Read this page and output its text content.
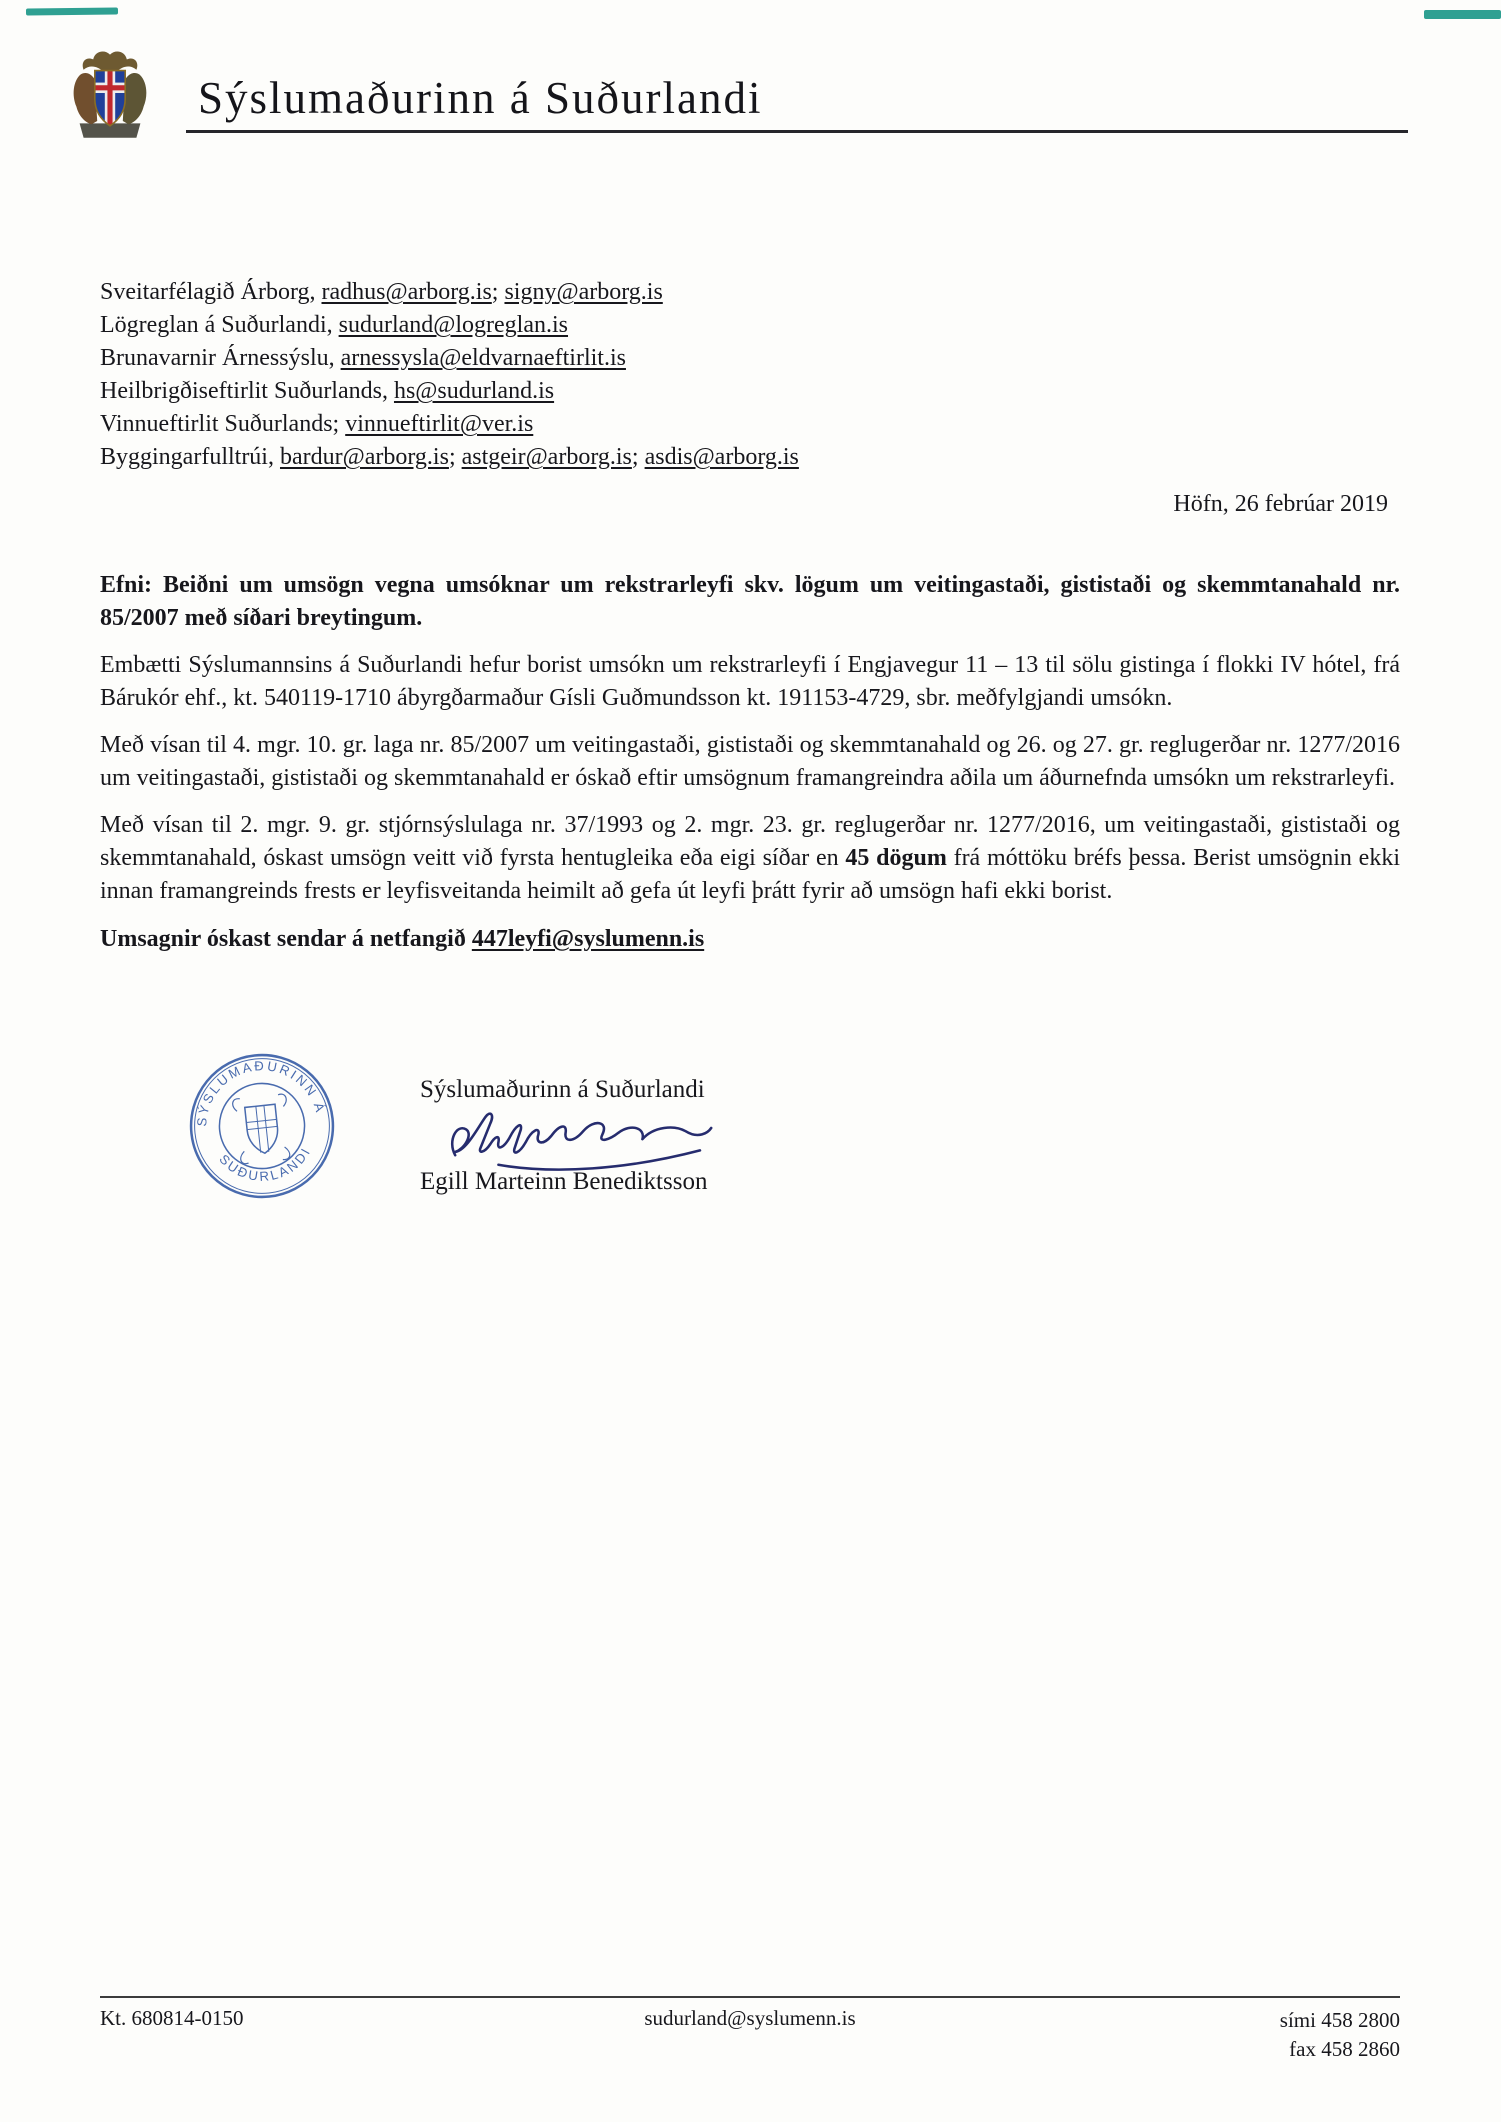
Sýslumaðurinn á Suðurlandi
Sveitarfélagið Árborg, radhus@arborg.is; signy@arborg.is
Lögreglan á Suðurlandi, sudurland@logreglan.is
Brunavarnir Árnessýslu, arnessysla@eldvarnaeftirlit.is
Heilbrigðiseftirlit Suðurlands, hs@sudurland.is
Vinnueftirlit Suðurlands; vinnueftirlit@ver.is
Byggingarfulltrúi, bardur@arborg.is; astgeir@arborg.is; asdis@arborg.is
Höfn, 26 febrúar 2019

Efni: Beiðni um umsögn vegna umsóknar um rekstrarleyfi skv. lögum um veitingastaði, gististaði og skemmtanahald nr. 85/2007 með síðari breytingum.

Embætti Sýslumannsins á Suðurlandi hefur borist umsókn um rekstrarleyfi í Engjavegur 11 – 13 til sölu gistinga í flokki IV hótel, frá Bárukór ehf., kt. 540119-1710 ábyrgðarmaður Gísli Guðmundsson kt. 191153-4729, sbr. meðfylgjandi umsókn.

Með vísan til 4. mgr. 10. gr. laga nr. 85/2007 um veitingastaði, gististaði og skemmtanahald og 26. og 27. gr. reglugerðar nr. 1277/2016 um veitingastaði, gististaði og skemmtanahald er óskað eftir umsögnum framangreindra aðila um áðurnefnda umsókn um rekstrarleyfi.

Með vísan til 2. mgr. 9. gr. stjórnsýslulaga nr. 37/1993 og 2. mgr. 23. gr. reglugerðar nr. 1277/2016, um veitingastaði, gististaði og skemmtanahald, óskast umsögn veitt við fyrsta hentugleika eða eigi síðar en 45 dögum frá móttöku bréfs þessa. Berist umsögnin ekki innan framangreinds frests er leyfisveitanda heimilt að gefa út leyfi þrátt fyrir að umsögn hafi ekki borist.

Umsagnir óskast sendar á netfangið 447leyfi@syslumenn.is

SÝSLUMAÐURINN Á
SUÐURLANDI
Sýslumaðurinn á Suðurlandi
Egill Marteinn Benediktsson
Kt. 680814-0150	sudurland@syslumenn.is	sími 458 2800
fax 458 2860
